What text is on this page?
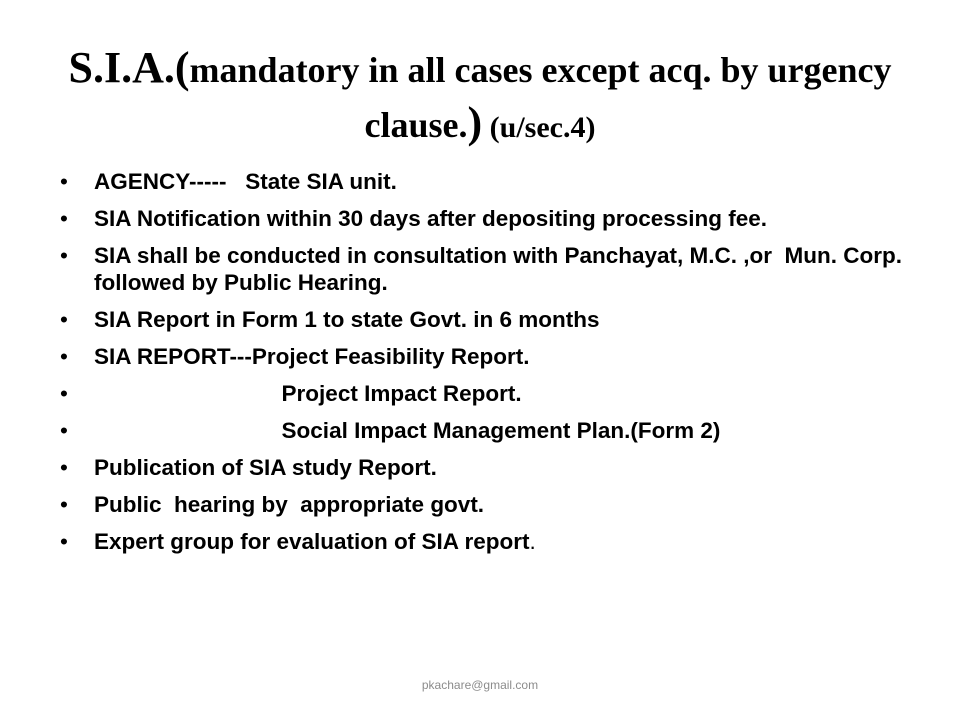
S.I.A.(mandatory in all cases except acq. by urgency clause.) (u/sec.4)
• AGENCY-----   State SIA unit.
• SIA Notification within 30 days after depositing processing fee.
• SIA shall be conducted in consultation with Panchayat, M.C. ,or  Mun. Corp. followed by Public Hearing.
• SIA Report in Form 1 to state Govt. in 6 months
• SIA REPORT---Project Feasibility Report.
• Project Impact Report.
• Social Impact Management Plan.(Form 2)
• Publication of SIA study Report.
• Public  hearing by  appropriate govt.
• Expert group for evaluation of SIA report.
pkachare@gmail.com
